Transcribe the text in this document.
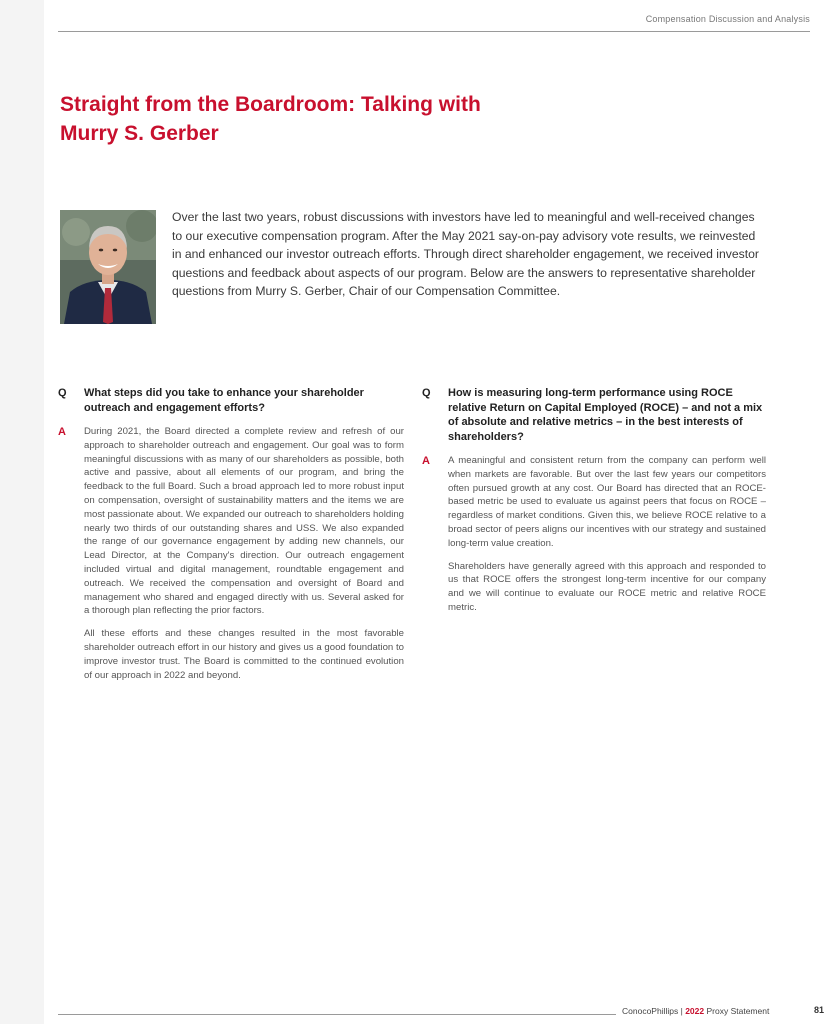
Compensation Discussion and Analysis
Straight from the Boardroom: Talking with
Murry S. Gerber
Over the last two years, robust discussions with investors have led to meaningful and well-received changes to our executive compensation program. After the May 2021 say-on-pay advisory vote results, we reinvested in and enhanced our investor outreach efforts. Through direct shareholder engagement, we received investor questions and feedback about aspects of our program. Below are the answers to representative shareholder questions from Murry S. Gerber, Chair of our Compensation Committee.
Q	What steps did you take to enhance your shareholder outreach and engagement efforts?
A	During 2021, the Board directed a complete review and refresh of our approach to shareholder outreach and engagement. Our goal was to form meaningful discussions with as many of our shareholders as possible, both active and passive, about all elements of our program, and bring the feedback to the full Board. Such a broad approach led to more robust input on compensation, oversight of sustainability matters and the items we are most passionate about. We expanded our outreach to shareholders holding nearly two thirds of our outstanding shares and USS. We also expanded the range of our governance engagement by adding new channels, our Lead Director, at the Company's direction. Our outreach engagement included virtual and digital management, roundtable engagement and outreach. We received the compensation and oversight of Board and management who shared and engaged directly with us. Several asked for a thorough plan reflecting the prior factors.

All these efforts and these changes resulted in the most favorable shareholder outreach effort in our history and gives us a good foundation to improve investor trust. The Board is committed to the continued evolution of our approach in 2022 and beyond.

Q	How is measuring long-term performance using ROCE relative Return on Capital Employed (ROCE) – and not a mix of absolute and relative metrics – in the best interests of shareholders?
A	A meaningful and consistent return from the company can perform well when markets are favorable. But over the last few years our competitors often pursued growth at any cost. Our Board has directed that an ROCE-based metric be used to evaluate us against peers that focus on ROCE – regardless of market conditions. Given this, we believe ROCE relative to a broad sector of peers aligns our incentives with our strategy and sustained long-term value creation.

Shareholders have generally agreed with this approach and responded to us that ROCE offers the strongest long-term incentive for our company and we will continue to evaluate our ROCE metric and relative ROCE metric.

ConocoPhillips | 2022 Proxy Statement	81
